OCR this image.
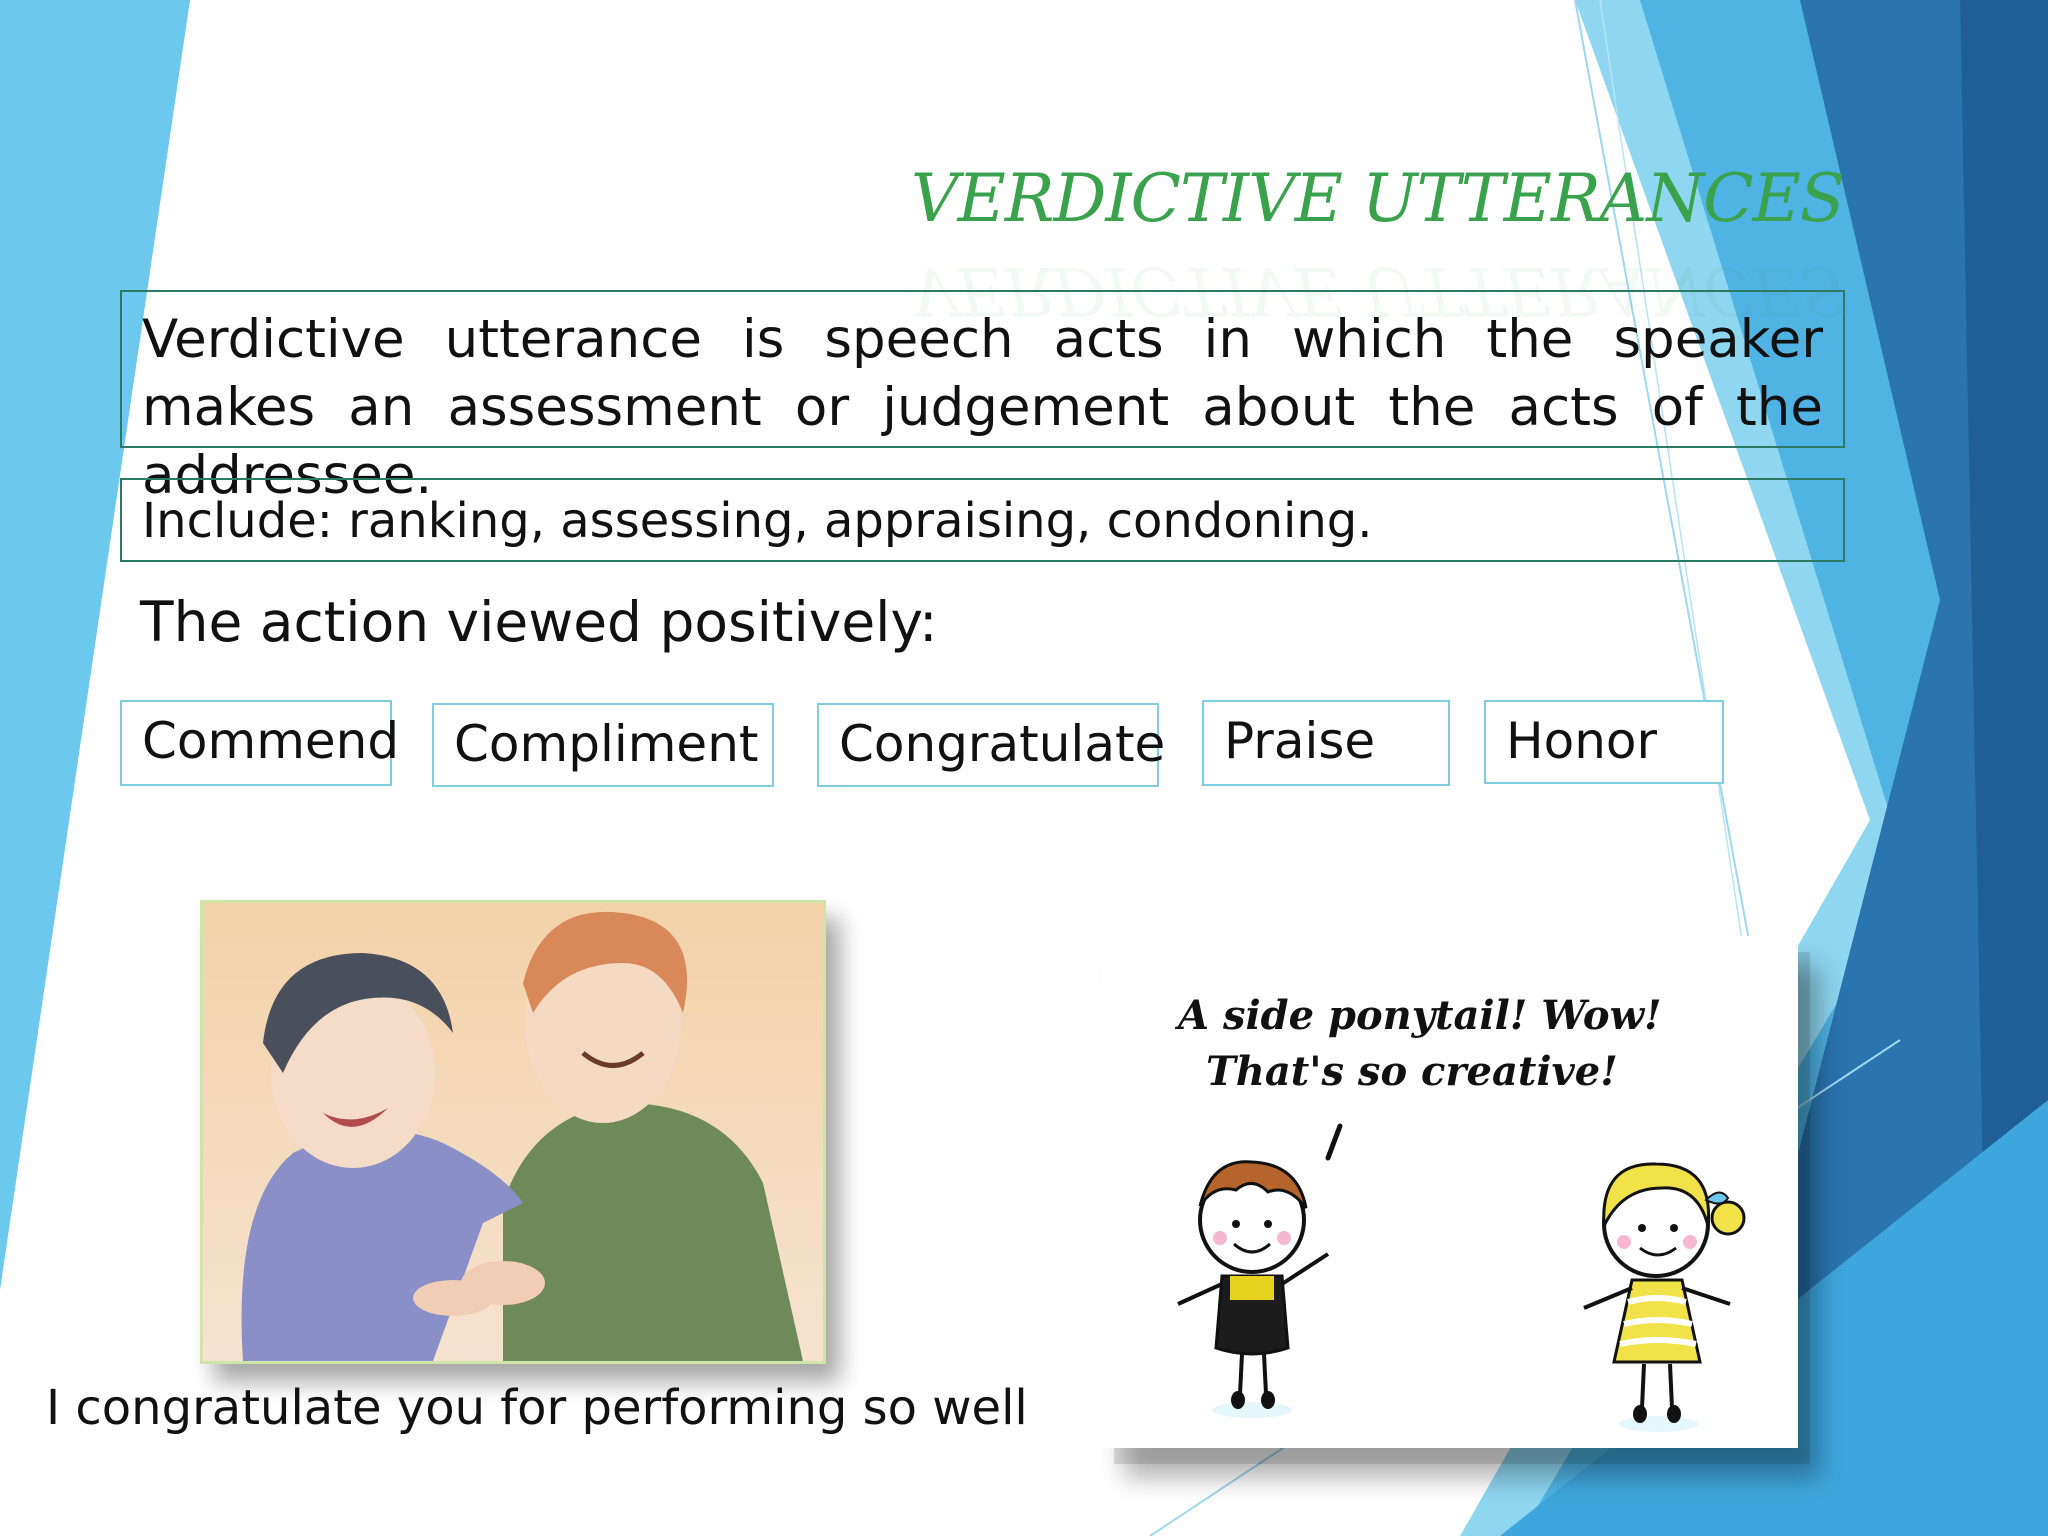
VERDICTIVE UTTERANCES
VERDICTIVE UTTERANCES
Verdictive utterance is speech acts in which the speaker makes an assessment or judgement about the acts of the addressee.
Include: ranking, assessing, appraising, condoning.
The action viewed positively:
Commend	Compliment	Congratulate	Praise	Honor
I congratulate you for performing so well
A side ponytail! Wow!
That's so creative!
